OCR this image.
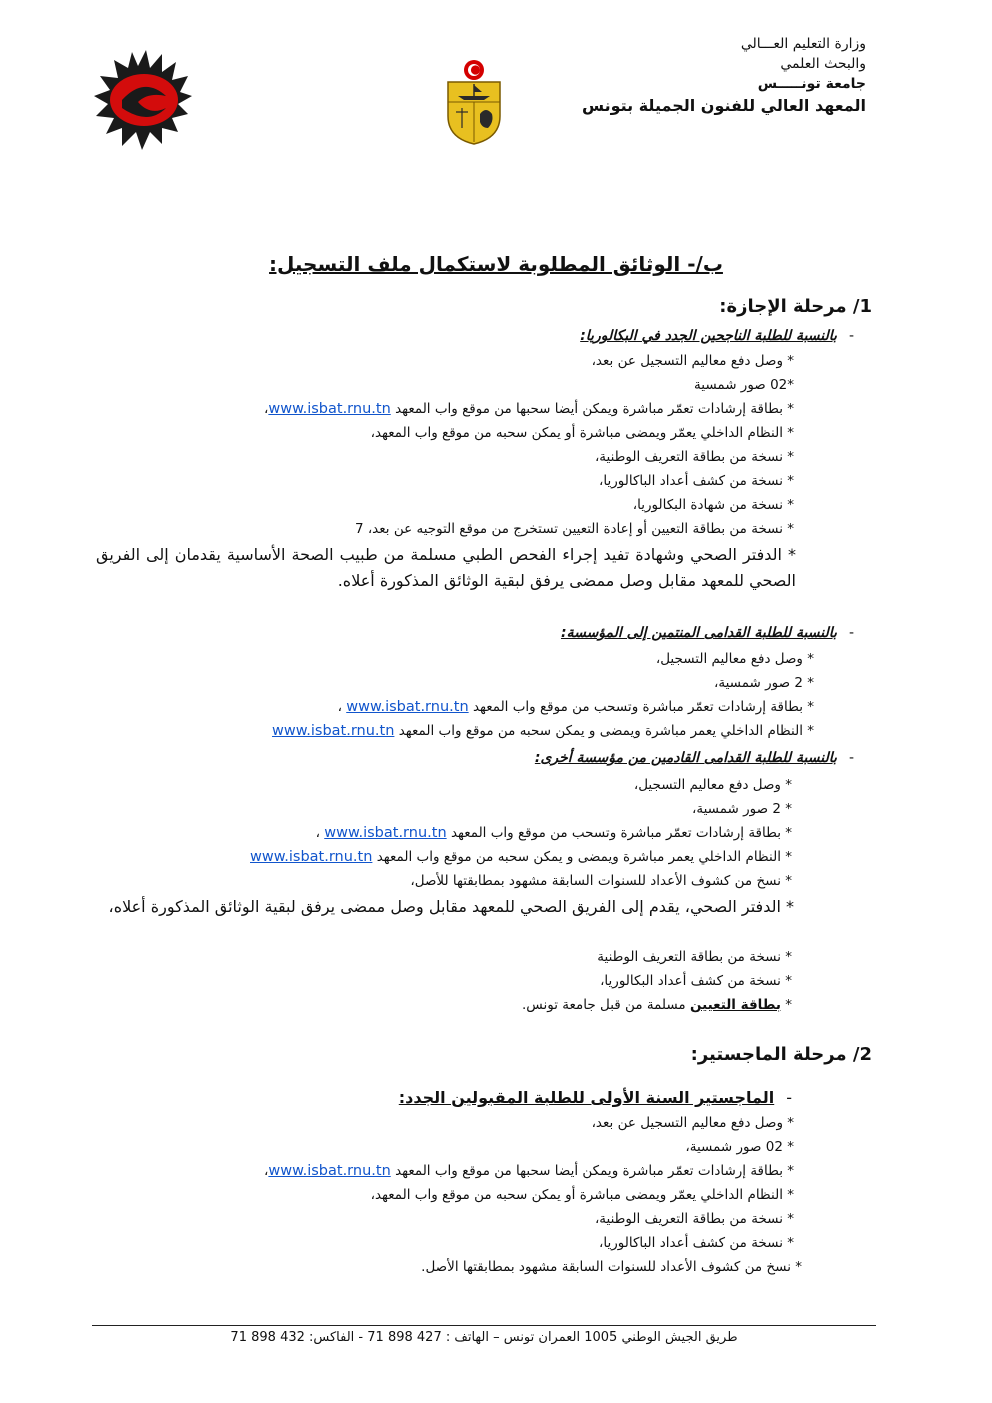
وزارة التعليم العـــالي
والبحث العلمي
جامعة تونـــــس
المعهد العالي للفنون الجميلة بتونس
ب/- الوثائق المطلوبة لاستكمال ملف التسجيل:
1/ مرحلة الإجازة:
-بالنسبة للطلبة الناجحين الجدد في البكالوريا:
* وصل دفع معاليم التسجيل عن بعد،
*02 صور شمسية
* بطاقة إرشادات تعمّر مباشرة ويمكن أيضا سحبها من موقع واب المعهد www.isbat.rnu.tn،
* النظام الداخلي يعمّر ويمضى مباشرة أو يمكن سحبه من موقع واب المعهد،
* نسخة من بطاقة التعريف الوطنية،
* نسخة من كشف أعداد الباكالوريا،
* نسخة من شهادة البكالوريا،
* نسخة من بطاقة التعيين أو إعادة التعيين تستخرج من موقع التوجيه عن بعد، 7
* الدفتر الصحي وشهادة تفيد إجراء الفحص الطبي مسلمة من طبيب الصحة الأساسية يقدمان إلى الفريق الصحي للمعهد مقابل وصل ممضى يرفق لبقية الوثائق المذكورة أعلاه.
-بالنسبة للطلبة القدامى المنتمين إلى المؤسسة:
* وصل دفع معاليم التسجيل،
* 2 صور شمسية،
* بطاقة إرشادات تعمّر مباشرة وتسحب من موقع واب المعهد www.isbat.rnu.tn ،
* النظام الداخلي يعمر مباشرة ويمضى و يمكن سحبه من موقع واب المعهد www.isbat.rnu.tn
-بالنسبة للطلبة القدامى القادمين من مؤسسة أخرى:
* وصل دفع معاليم التسجيل،
* 2 صور شمسية،
* بطاقة إرشادات تعمّر مباشرة وتسحب من موقع واب المعهد www.isbat.rnu.tn ،
* النظام الداخلي يعمر مباشرة ويمضى و يمكن سحبه من موقع واب المعهد www.isbat.rnu.tn
* نسخ من كشوف الأعداد للسنوات السابقة مشهود بمطابقتها للأصل،
* الدفتر الصحي، يقدم إلى الفريق الصحي للمعهد مقابل وصل ممضى يرفق لبقية الوثائق المذكورة أعلاه،
* نسخة من بطاقة التعريف الوطنية
* نسخة من كشف أعداد البكالوريا،
* بطاقة التعيين مسلمة من قبل جامعة تونس.
2/ مرحلة الماجستير:
-الماجستير السنة الأولى للطلبة المقبولين الجدد:
* وصل دفع معاليم التسجيل عن بعد،
* 02 صور شمسية،
* بطاقة إرشادات تعمّر مباشرة ويمكن أيضا سحبها من موقع واب المعهد www.isbat.rnu.tn،
* النظام الداخلي يعمّر ويمضى مباشرة أو يمكن سحبه من موقع واب المعهد،
* نسخة من بطاقة التعريف الوطنية،
* نسخة من كشف أعداد الباكالوريا،
* نسخ من كشوف الأعداد للسنوات السابقة مشهود بمطابقتها الأصل.
طريق الجيش الوطني 1005 العمران تونس – الهاتف : 427 898 71 - الفاكس: 432 898 71
